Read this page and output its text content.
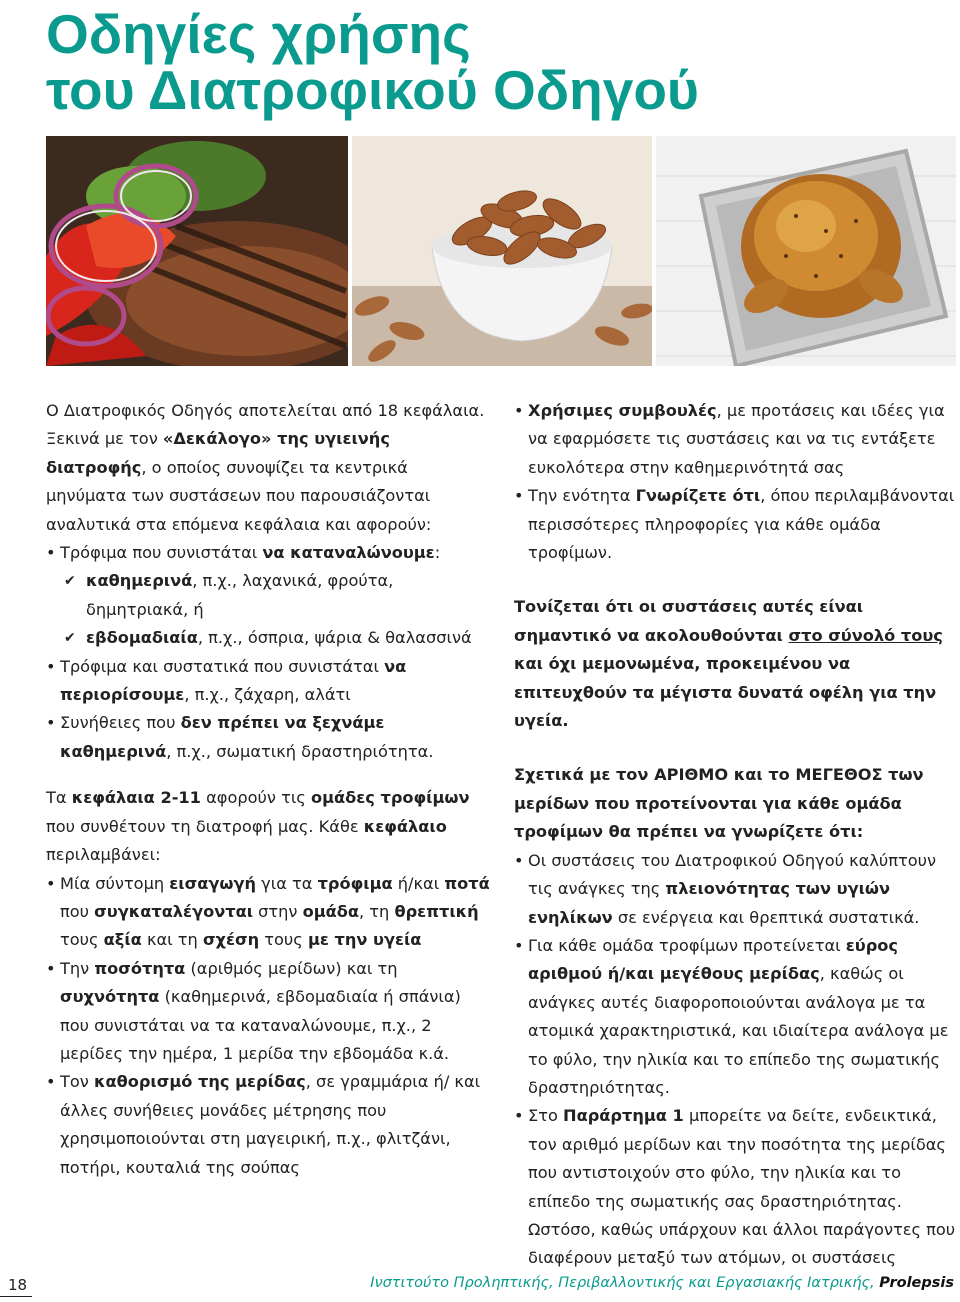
Οδηγίες χρήσης
του Διατροφικού Οδηγού

Ο Διατροφικός Οδηγός αποτελείται από 18 κεφάλαια. Ξεκινά με τον «Δεκάλογο» της υγιεινής διατροφής, ο οποίος συνοψίζει τα κεντρικά μηνύματα των συστάσεων που παρουσιάζονται αναλυτικά στα επόμενα κεφάλαια και αφορούν:

• Τρόφιμα που συνιστάται να καταναλώνουμε:

✔ καθημερινά, π.χ., λαχανικά, φρούτα, δημητριακά, ή

✔ εβδομαδιαία, π.χ., όσπρια, ψάρια & θαλασσινά

• Τρόφιμα και συστατικά που συνιστάται να περιορίσουμε, π.χ., ζάχαρη, αλάτι

• Συνήθειες που δεν πρέπει να ξεχνάμε καθημερινά, π.χ., σωματική δραστηριότητα.

Τα κεφάλαια 2-11 αφορούν τις ομάδες τροφίμων που συνθέτουν τη διατροφή μας. Κάθε κεφάλαιο περιλαμβάνει:

• Μία σύντομη εισαγωγή για τα τρόφιμα ή/και ποτά που συγκαταλέγονται στην ομάδα, τη θρεπτική τους αξία και τη σχέση τους με την υγεία

• Την ποσότητα (αριθμός μερίδων) και τη συχνότητα (καθημερινά, εβδομαδιαία ή σπάνια) που συνιστάται να τα καταναλώνουμε, π.χ., 2 μερίδες την ημέρα, 1 μερίδα την εβδομάδα κ.ά.

• Τον καθορισμό της μερίδας, σε γραμμάρια ή/ και άλλες συνήθειες μονάδες μέτρησης που χρησιμοποιούνται στη μαγειρική, π.χ., φλιτζάνι, ποτήρι, κουταλιά της σούπας

• Χρήσιμες συμβουλές, με προτάσεις και ιδέες για να εφαρμόσετε τις συστάσεις και να τις εντάξετε ευκολότερα στην καθημερινότητά σας

• Την ενότητα Γνωρίζετε ότι, όπου περιλαμβάνονται περισσότερες πληροφορίες για κάθε ομάδα τροφίμων.

Τονίζεται ότι οι συστάσεις αυτές είναι σημαντικό να ακολουθούνται στο σύνολό τους και όχι μεμονωμένα, προκειμένου να επιτευχθούν τα μέγιστα δυνατά οφέλη για την υγεία.

Σχετικά με τον ΑΡΙΘΜΟ και το ΜΕΓΕΘΟΣ των μερίδων που προτείνονται για κάθε ομάδα τροφίμων θα πρέπει να γνωρίζετε ότι:

• Οι συστάσεις του Διατροφικού Οδηγού καλύπτουν τις ανάγκες της πλειονότητας των υγιών ενηλίκων σε ενέργεια και θρεπτικά συστατικά.

• Για κάθε ομάδα τροφίμων προτείνεται εύρος αριθμού ή/και μεγέθους μερίδας, καθώς οι ανάγκες αυτές διαφοροποιούνται ανάλογα με τα ατομικά χαρακτηριστικά, και ιδιαίτερα ανάλογα με το φύλο, την ηλικία και το επίπεδο της σωματικής δραστηριότητας.

• Στο Παράρτημα 1 μπορείτε να δείτε, ενδεικτικά, τον αριθμό μερίδων και την ποσότητα της μερίδας που αντιστοιχούν στο φύλο, την ηλικία και το επίπεδο της σωματικής σας δραστηριότητας. Ωστόσο, καθώς υπάρχουν και άλλοι παράγοντες που διαφέρουν μεταξύ των ατόμων, οι συστάσεις

18	Ινστιτούτο Προληπτικής, Περιβαλλοντικής και Εργασιακής Ιατρικής, Prolepsis
